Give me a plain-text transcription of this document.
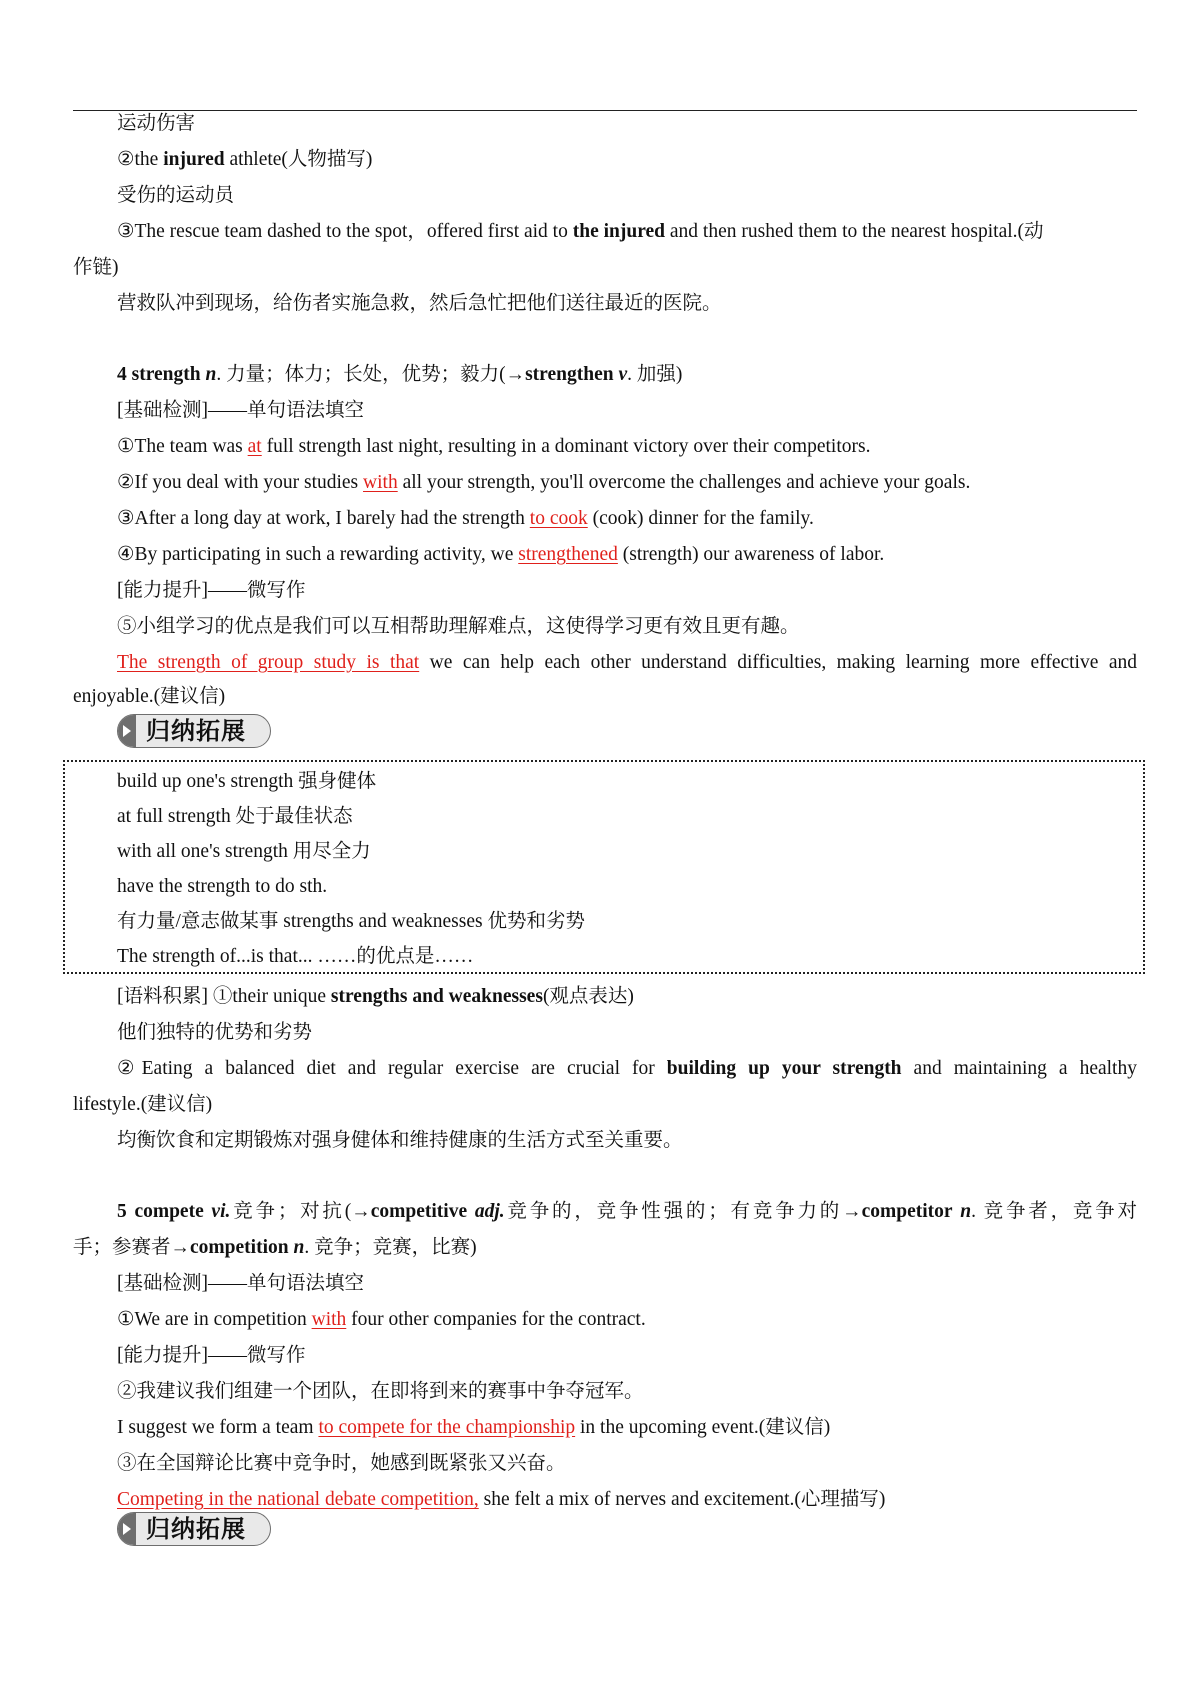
运动伤害
②the injured athlete(人物描写)
受伤的运动员
③The rescue team dashed to the spot，offered first aid to the injured and then rushed them to the nearest hospital.(动
作链)
营救队冲到现场，给伤者实施急救，然后急忙把他们送往最近的医院。
4 strength n. 力量；体力；长处，优势；毅力(→strengthen v. 加强)
[基础检测]——单句语法填空
①The team was at full strength last night, resulting in a dominant victory over their competitors.
②If you deal with your studies with all your strength, you'll overcome the challenges and achieve your goals.
③After a long day at work, I barely had the strength to cook (cook) dinner for the family.
④By participating in such a rewarding activity, we strengthened (strength) our awareness of labor.
[能力提升]——微写作
⑤小组学习的优点是我们可以互相帮助理解难点，这使得学习更有效且更有趣。
The strength of group study is that we can help each other understand difficulties, making learning more effective and
enjoyable.(建议信)
归纳拓展
build up one's strength 强身健体
at full strength 处于最佳状态
with all one's strength 用尽全力
have the strength to do sth.
有力量/意志做某事 strengths and weaknesses 优势和劣势
The strength of...is that... ……的优点是……
[语料积累] ①their unique strengths and weaknesses(观点表达)
他们独特的优势和劣势
②Eating a balanced diet and regular exercise are crucial for building up your strength and maintaining a healthy
lifestyle.(建议信)
均衡饮食和定期锻炼对强身健体和维持健康的生活方式至关重要。
5 compete vi.竞争；对抗(→competitive adj.竞争的，竞争性强的；有竞争力的→competitor n. 竞争者，竞争对
手；参赛者→competition n. 竞争；竞赛，比赛)
[基础检测]——单句语法填空
①We are in competition with four other companies for the contract.
[能力提升]——微写作
②我建议我们组建一个团队，在即将到来的赛事中争夺冠军。
I suggest we form a team to compete for the championship in the upcoming event.(建议信)
③在全国辩论比赛中竞争时，她感到既紧张又兴奋。
Competing in the national debate competition, she felt a mix of nerves and excitement.(心理描写)
归纳拓展
